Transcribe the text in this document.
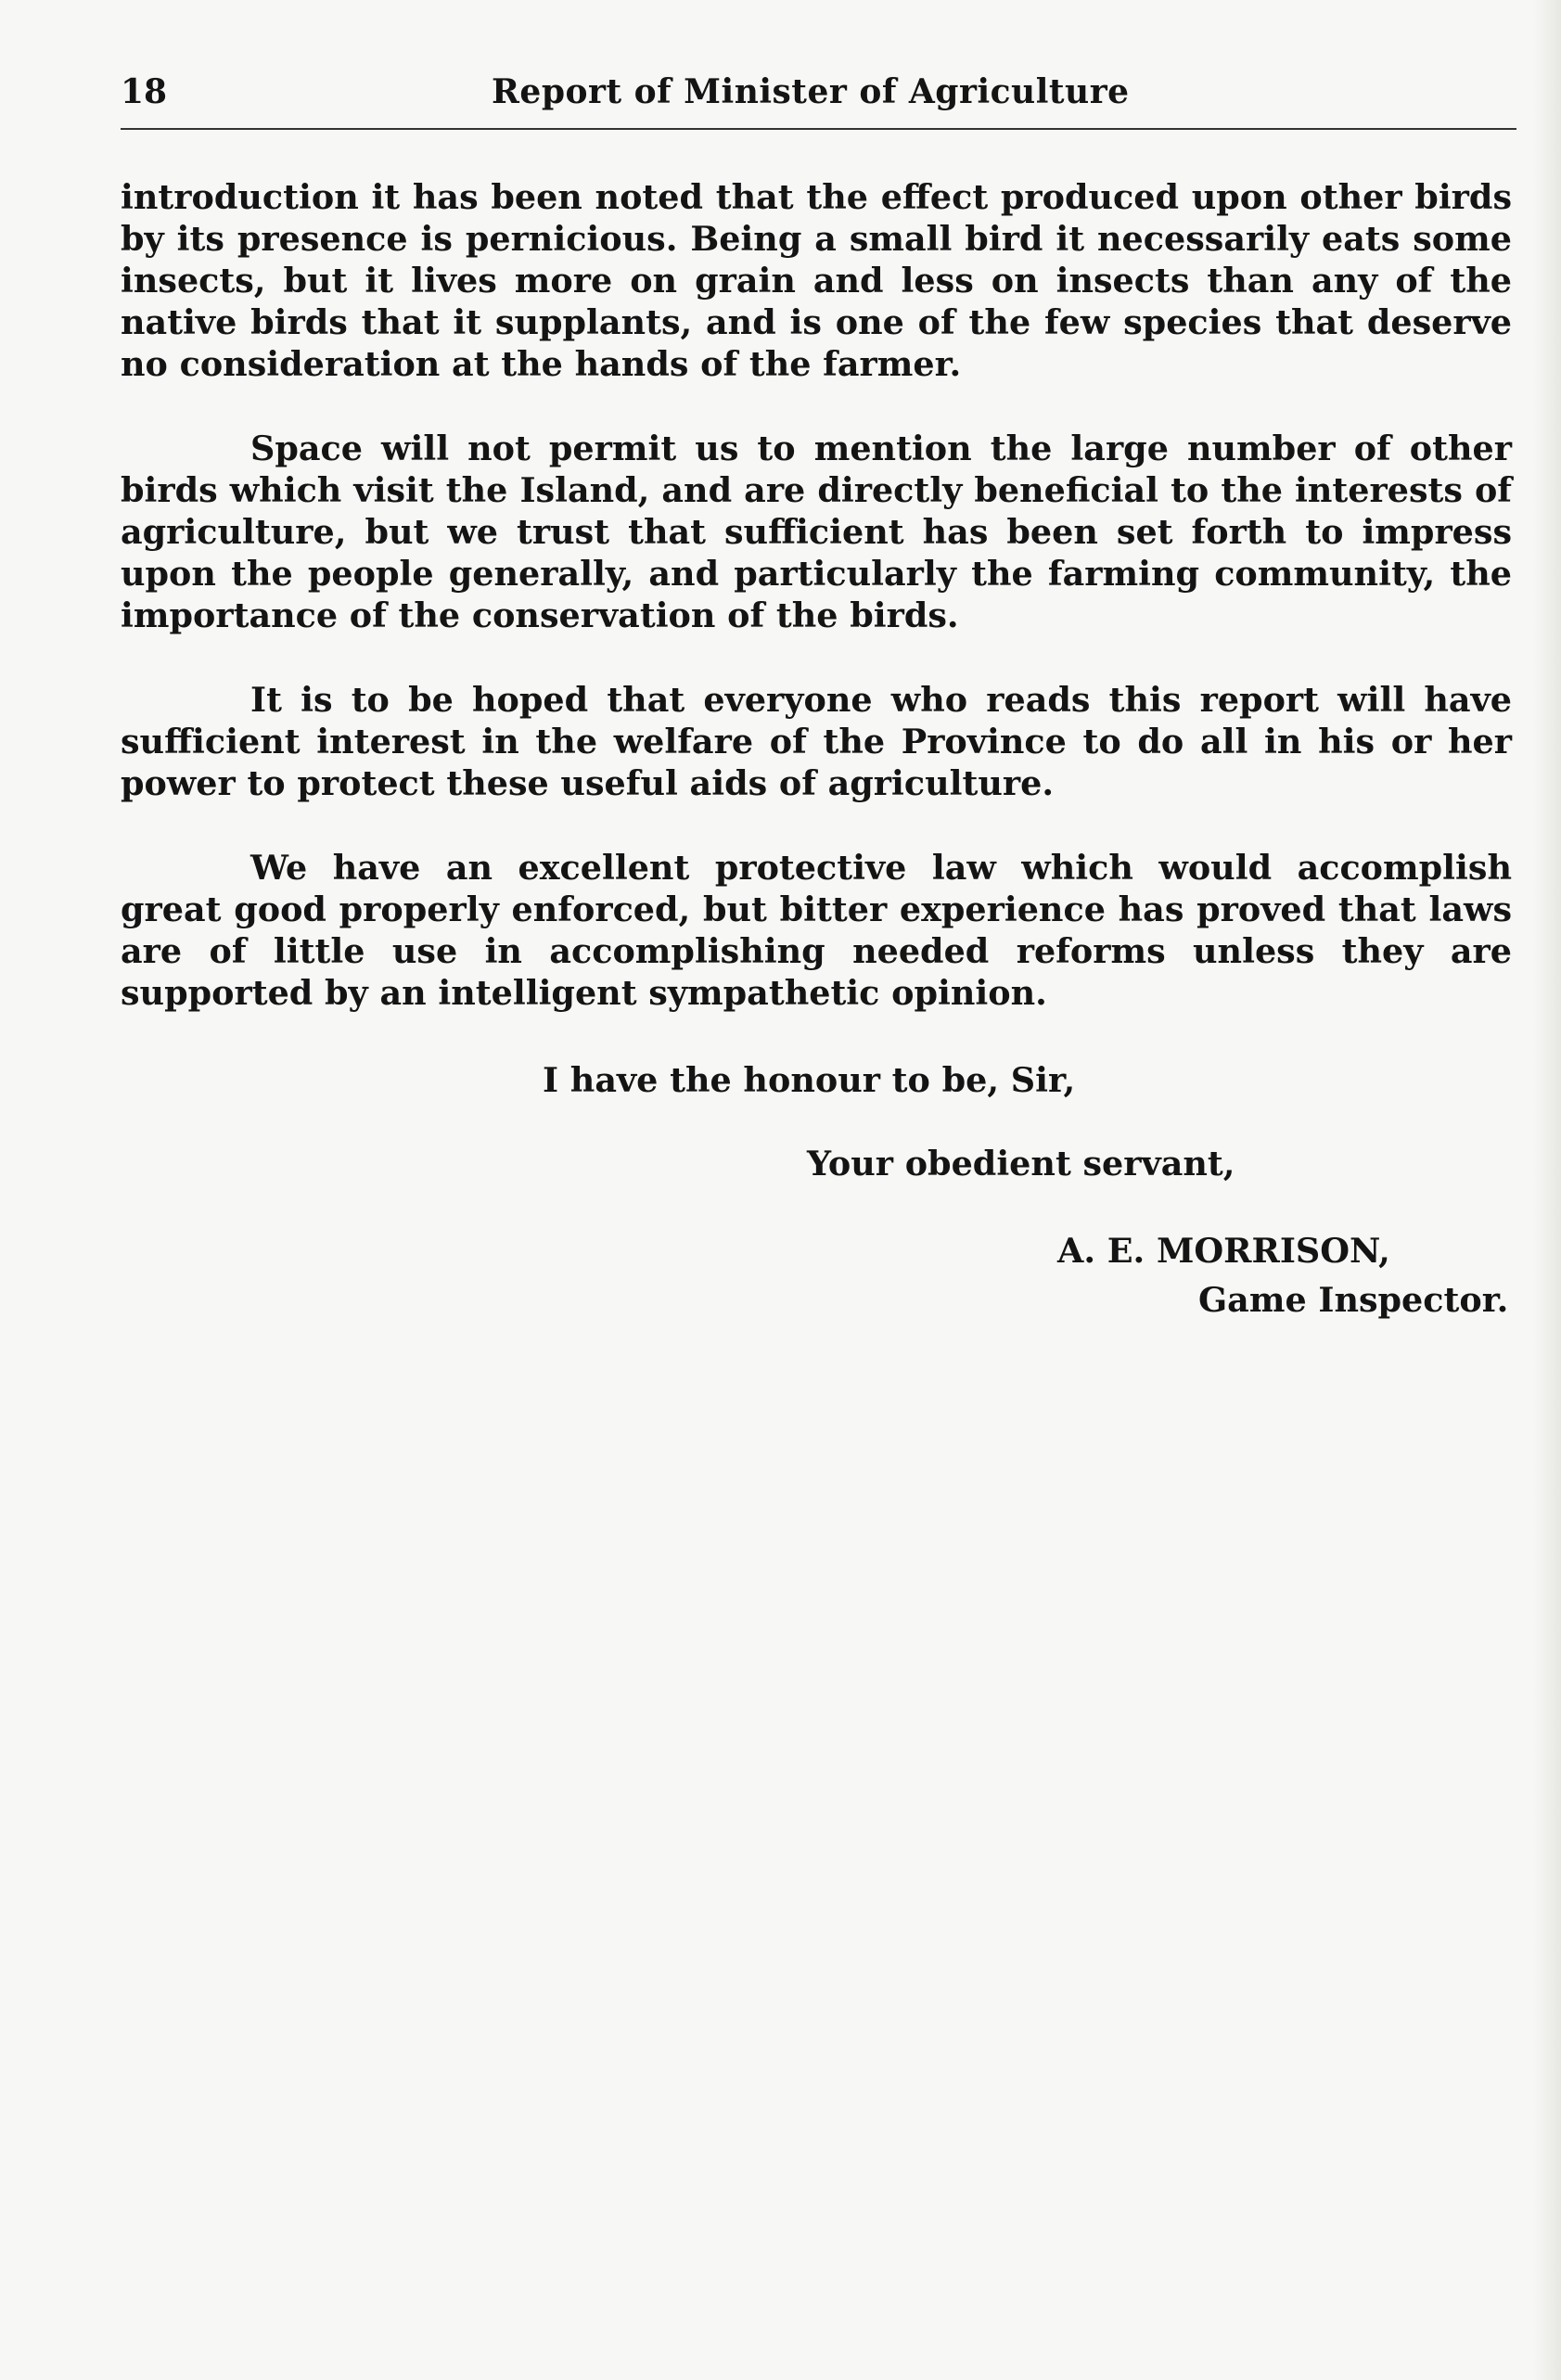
18	Report of Minister of Agriculture

introduction it has been noted that the effect produced upon other birds by its presence is pernicious. Being a small bird it necessarily eats some insects, but it lives more on grain and less on insects than any of the native birds that it supplants, and is one of the few species that deserve no consideration at the hands of the farmer.

Space will not permit us to mention the large number of other birds which visit the Island, and are directly beneficial to the interests of agriculture, but we trust that sufficient has been set forth to impress upon the people generally, and particularly the farming community, the importance of the conservation of the birds.

It is to be hoped that everyone who reads this report will have sufficient interest in the welfare of the Province to do all in his or her power to protect these useful aids of agriculture.

We have an excellent protective law which would accomplish great good properly enforced, but bitter experience has proved that laws are of little use in accomplishing needed reforms unless they are supported by an intelligent sympathetic opinion.

I have the honour to be, Sir,
Your obedient servant,
A. E. MORRISON,
Game Inspector.
